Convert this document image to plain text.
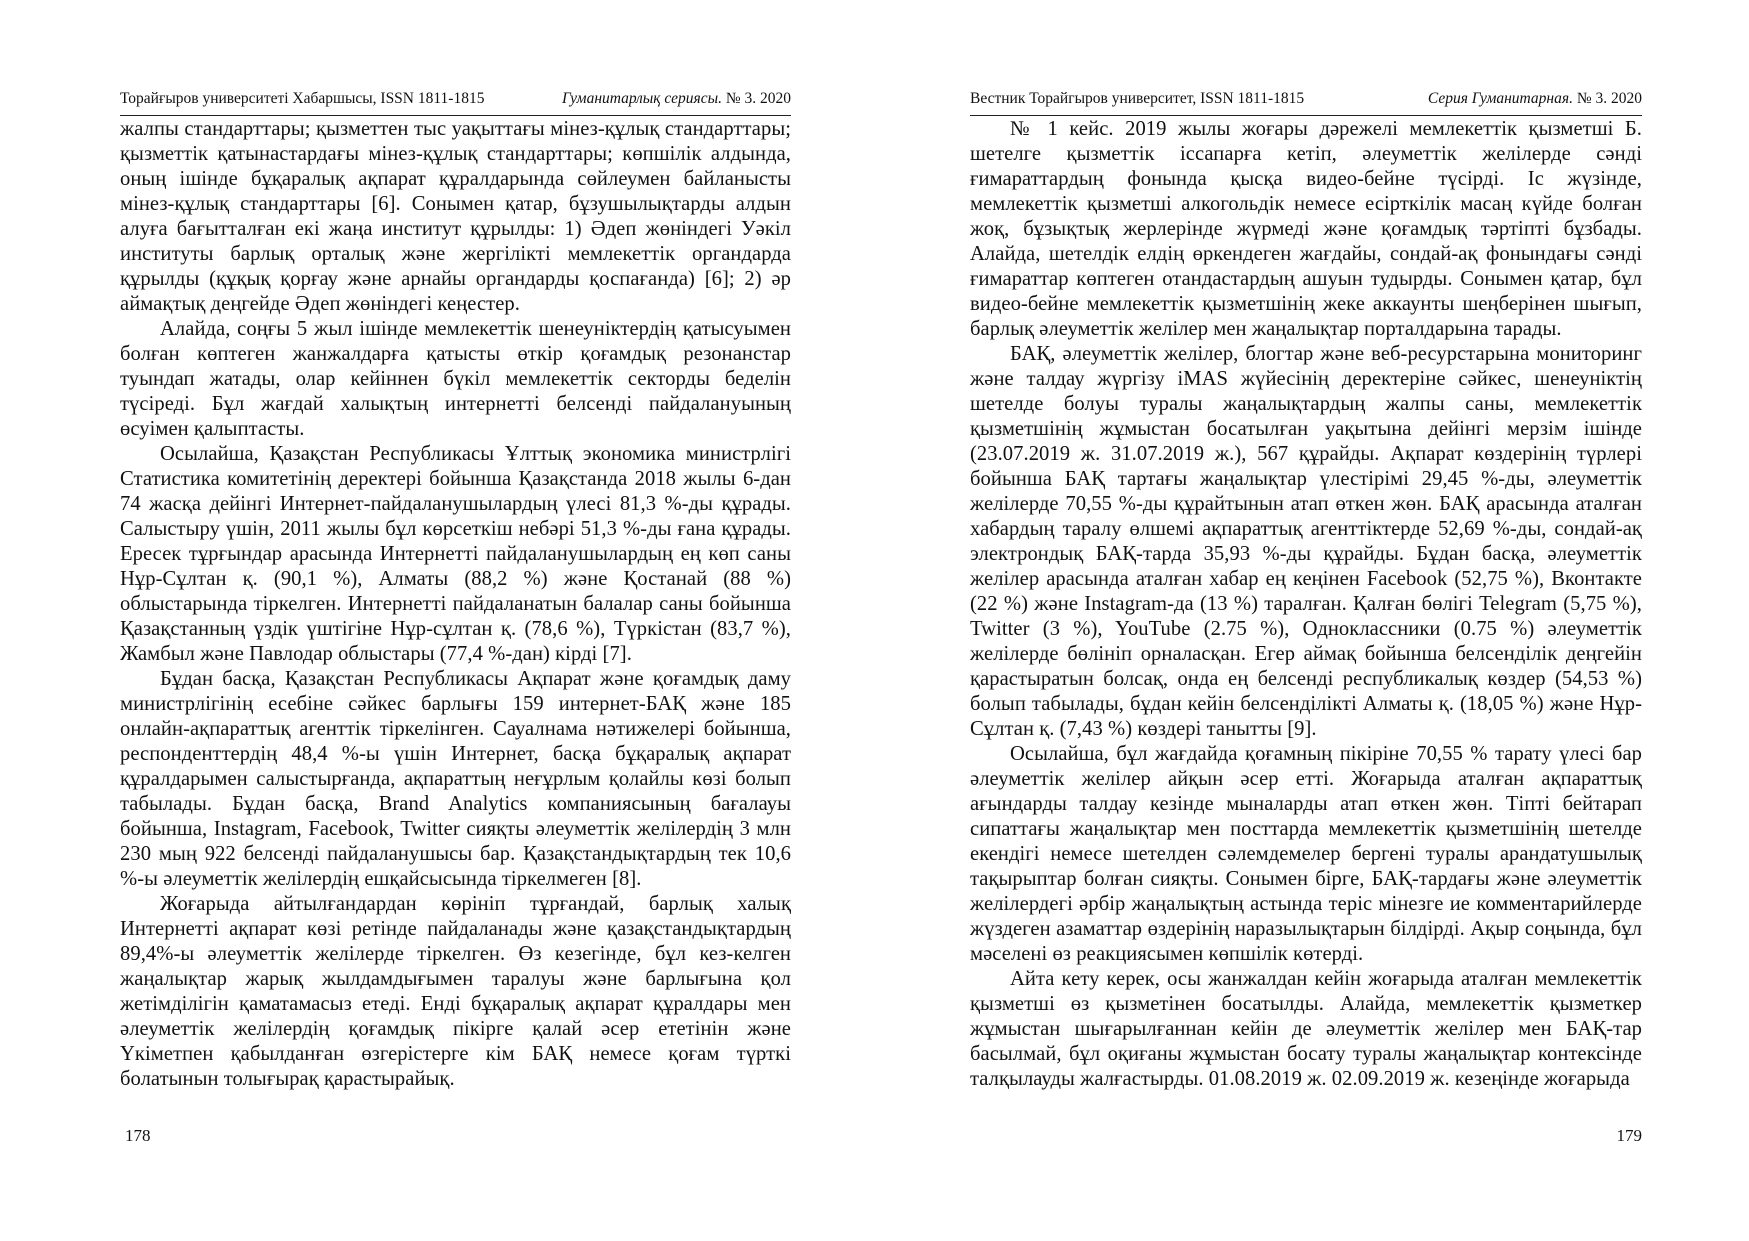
Торайғыров университеті Хабаршысы, ISSN 1811-1815	Гуманитарлық сериясы. № 3. 2020

жалпы стандарттары; қызметтен тыс уақыттағы мінез-құлық стандарттары; қызметтік қатынастардағы мінез-құлық стандарттары; көпшілік алдында, оның ішінде бұқаралық ақпарат құралдарында сөйлеумен байланысты мінез-құлық стандарттары [6]. Сонымен қатар, бұзушылықтарды алдын алуға бағытталған екі жаңа институт құрылды: 1) Әдеп жөніндегі Уәкіл институты барлық орталық және жергілікті мемлекеттік органдарда құрылды (құқық қорғау және арнайы органдарды қоспағанда) [6]; 2) әр аймақтық деңгейде Әдеп жөніндегі кеңестер.

Алайда, соңғы 5 жыл ішінде мемлекеттік шенеуніктердің қатысуымен болған көптеген жанжалдарға қатысты өткір қоғамдық резонанстар туындап жатады, олар кейіннен бүкіл мемлекеттік секторды беделін түсіреді. Бұл жағдай халықтың интернетті белсенді пайдалануының өсуімен қалыптасты.

Осылайша, Қазақстан Республикасы Ұлттық экономика министрлігі Статистика комитетінің деректері бойынша Қазақстанда 2018 жылы 6-дан 74 жасқа дейінгі Интернет-пайдаланушылардың үлесі 81,3 %-ды құрады. Салыстыру үшін, 2011 жылы бұл көрсеткіш небәрі 51,3 %-ды ғана құрады. Ересек тұрғындар арасында Интернетті пайдаланушылардың ең көп саны Нұр-Сұлтан қ. (90,1 %), Алматы (88,2 %) және Қостанай (88 %) облыстарында тіркелген. Интернетті пайдаланатын балалар саны бойынша Қазақстанның үздік үштігіне Нұр-сұлтан қ. (78,6 %), Түркістан (83,7 %), Жамбыл және Павлодар облыстары (77,4 %-дан) кірді [7].

Бұдан басқа, Қазақстан Республикасы Ақпарат және қоғамдық даму министрлігінің есебіне сәйкес барлығы 159 интернет-БАҚ және 185 онлайн-ақпараттық агенттік тіркелінген. Сауалнама нәтижелері бойынша, респонденттердің 48,4 %-ы үшін Интернет, басқа бұқаралық ақпарат құралдарымен салыстырғанда, ақпараттың неғұрлым қолайлы көзі болып табылады. Бұдан басқа, Brand Analytics компаниясының бағалауы бойынша, Instagram, Facebook, Twitter сияқты әлеуметтік желілердің 3 млн 230 мың 922 белсенді пайдаланушысы бар. Қазақстандықтардың тек 10,6 %-ы әлеуметтік желілердің ешқайсысында тіркелмеген [8].

Жоғарыда айтылғандардан көрініп тұрғандай, барлық халық Интернетті ақпарат көзі ретінде пайдаланады және қазақстандықтардың 89,4%-ы әлеуметтік желілерде тіркелген. Өз кезегінде, бұл кез-келген жаңалықтар жарық жылдамдығымен таралуы және барлығына қол жетімділігін қаматамасыз етеді. Енді бұқаралық ақпарат құралдары мен әлеуметтік желілердің қоғамдық пікірге қалай әсер ететінін және Үкіметпен қабылданған өзгерістерге кім БАҚ немесе қоғам түрткі болатынын толығырақ қарастырайық.

178
Вестник Торайгыров университет, ISSN 1811-1815	Серия Гуманитарная. № 3. 2020

№ 1 кейс. 2019 жылы жоғары дәрежелі мемлекеттік қызметші Б. шетелге қызметтік іссапарға кетіп, әлеуметтік желілерде сәнді ғимараттардың фонында қысқа видео-бейне түсірді. Іс жүзінде, мемлекеттік қызметші алкогольдік немесе есірткілік масаң күйде болған жоқ, бұзықтық жерлерінде жүрмеді және қоғамдық тәртіпті бұзбады. Алайда, шетелдік елдің өркендеген жағдайы, сондай-ақ фонындағы сәнді ғимараттар көптеген отандастардың ашуын тудырды. Сонымен қатар, бұл видео-бейне мемлекеттік қызметшінің жеке аккаунты шеңберінен шығып, барлық әлеуметтік желілер мен жаңалықтар порталдарына тарады.

БАҚ, әлеуметтік желілер, блогтар және веб-ресурстарына мониторинг және талдау жүргізу iMAS жүйесінің деректеріне сәйкес, шенеуніктің шетелде болуы туралы жаңалықтардың жалпы саны, мемлекеттік қызметшінің жұмыстан босатылған уақытына дейінгі мерзім ішінде (23.07.2019 ж. 31.07.2019 ж.), 567 құрайды. Ақпарат көздерінің түрлері бойынша БАҚ тартағы жаңалықтар үлестірімі 29,45 %-ды, әлеуметтік желілерде 70,55 %-ды құрайтынын атап өткен жөн. БАҚ арасында аталған хабардың таралу өлшемі ақпараттық агенттіктерде 52,69 %-ды, сондай-ақ электрондық БАҚ-тарда 35,93 %-ды құрайды. Бұдан басқа, әлеуметтік желілер арасында аталған хабар ең кеңінен Facebook (52,75 %), Вконтакте (22 %) және Instagram-да (13 %) таралған. Қалған бөлігі Telegram (5,75 %), Twitter (3 %), YouTube (2.75 %), Одноклассники (0.75 %) әлеуметтік желілерде бөлініп орналасқан. Егер аймақ бойынша белсенділік деңгейін қарастыратын болсақ, онда ең белсенді республикалық көздер (54,53 %) болып табылады, бұдан кейін белсенділікті Алматы қ. (18,05 %) және Нұр-Сұлтан қ. (7,43 %) көздері танытты [9].

Осылайша, бұл жағдайда қоғамның пікіріне 70,55 % тарату үлесі бар әлеуметтік желілер айқын әсер етті. Жоғарыда аталған ақпараттық ағындарды талдау кезінде мыналарды атап өткен жөн. Тіпті бейтарап сипаттағы жаңалықтар мен посттарда мемлекеттік қызметшінің шетелде екендігі немесе шетелден сәлемдемелер бергені туралы арандатушылық тақырыптар болған сияқты. Сонымен бірге, БАҚ-тардағы және әлеуметтік желілердегі әрбір жаңалықтың астында теріс мінезге ие комментарийлерде жүздеген азаматтар өздерінің наразылықтарын білдірді. Ақыр соңында, бұл мәселені өз реакциясымен көпшілік көтерді.

Айта кету керек, осы жанжалдан кейін жоғарыда аталған мемлекеттік қызметші өз қызметінен босатылды. Алайда, мемлекеттік қызметкер жұмыстан шығарылғаннан кейін де әлеуметтік желілер мен БАҚ-тар басылмай, бұл оқиғаны жұмыстан босату туралы жаңалықтар контексінде талқылауды жалғастырды. 01.08.2019 ж. 02.09.2019 ж. кезеңінде жоғарыда

179
